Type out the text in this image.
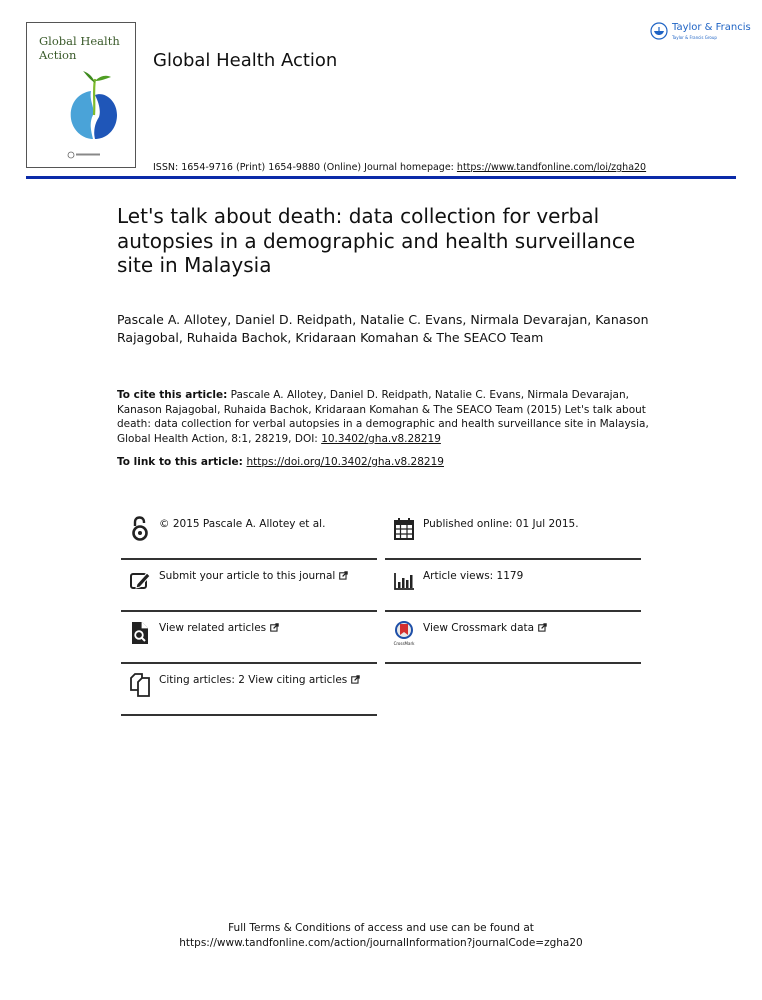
Global Health
Action	Global Health Action
ISSN: 1654-9716 (Print) 1654-9880 (Online) Journal homepage: https://www.tandfonline.com/loi/zgha20
Taylor & Francis
Taylor & Francis Group
Let's talk about death: data collection for verbal autopsies in a demographic and health surveillance site in Malaysia
Pascale A. Allotey, Daniel D. Reidpath, Natalie C. Evans, Nirmala Devarajan, Kanason Rajagobal, Ruhaida Bachok, Kridaraan Komahan & The SEACO Team
To cite this article: Pascale A. Allotey, Daniel D. Reidpath, Natalie C. Evans, Nirmala Devarajan, Kanason Rajagobal, Ruhaida Bachok, Kridaraan Komahan & The SEACO Team (2015) Let's talk about death: data collection for verbal autopsies in a demographic and health surveillance site in Malaysia, Global Health Action, 8:1, 28219, DOI: 10.3402/gha.v8.28219
To link to this article: https://doi.org/10.3402/gha.v8.28219
© 2015 Pascale A. Allotey et al.
Submit your article to this journal
View related articles
Citing articles: 2 View citing articles
Published online: 01 Jul 2015.
Article views: 1179
CrossMark
View Crossmark data
Full Terms & Conditions of access and use can be found at
https://www.tandfonline.com/action/journalInformation?journalCode=zgha20
